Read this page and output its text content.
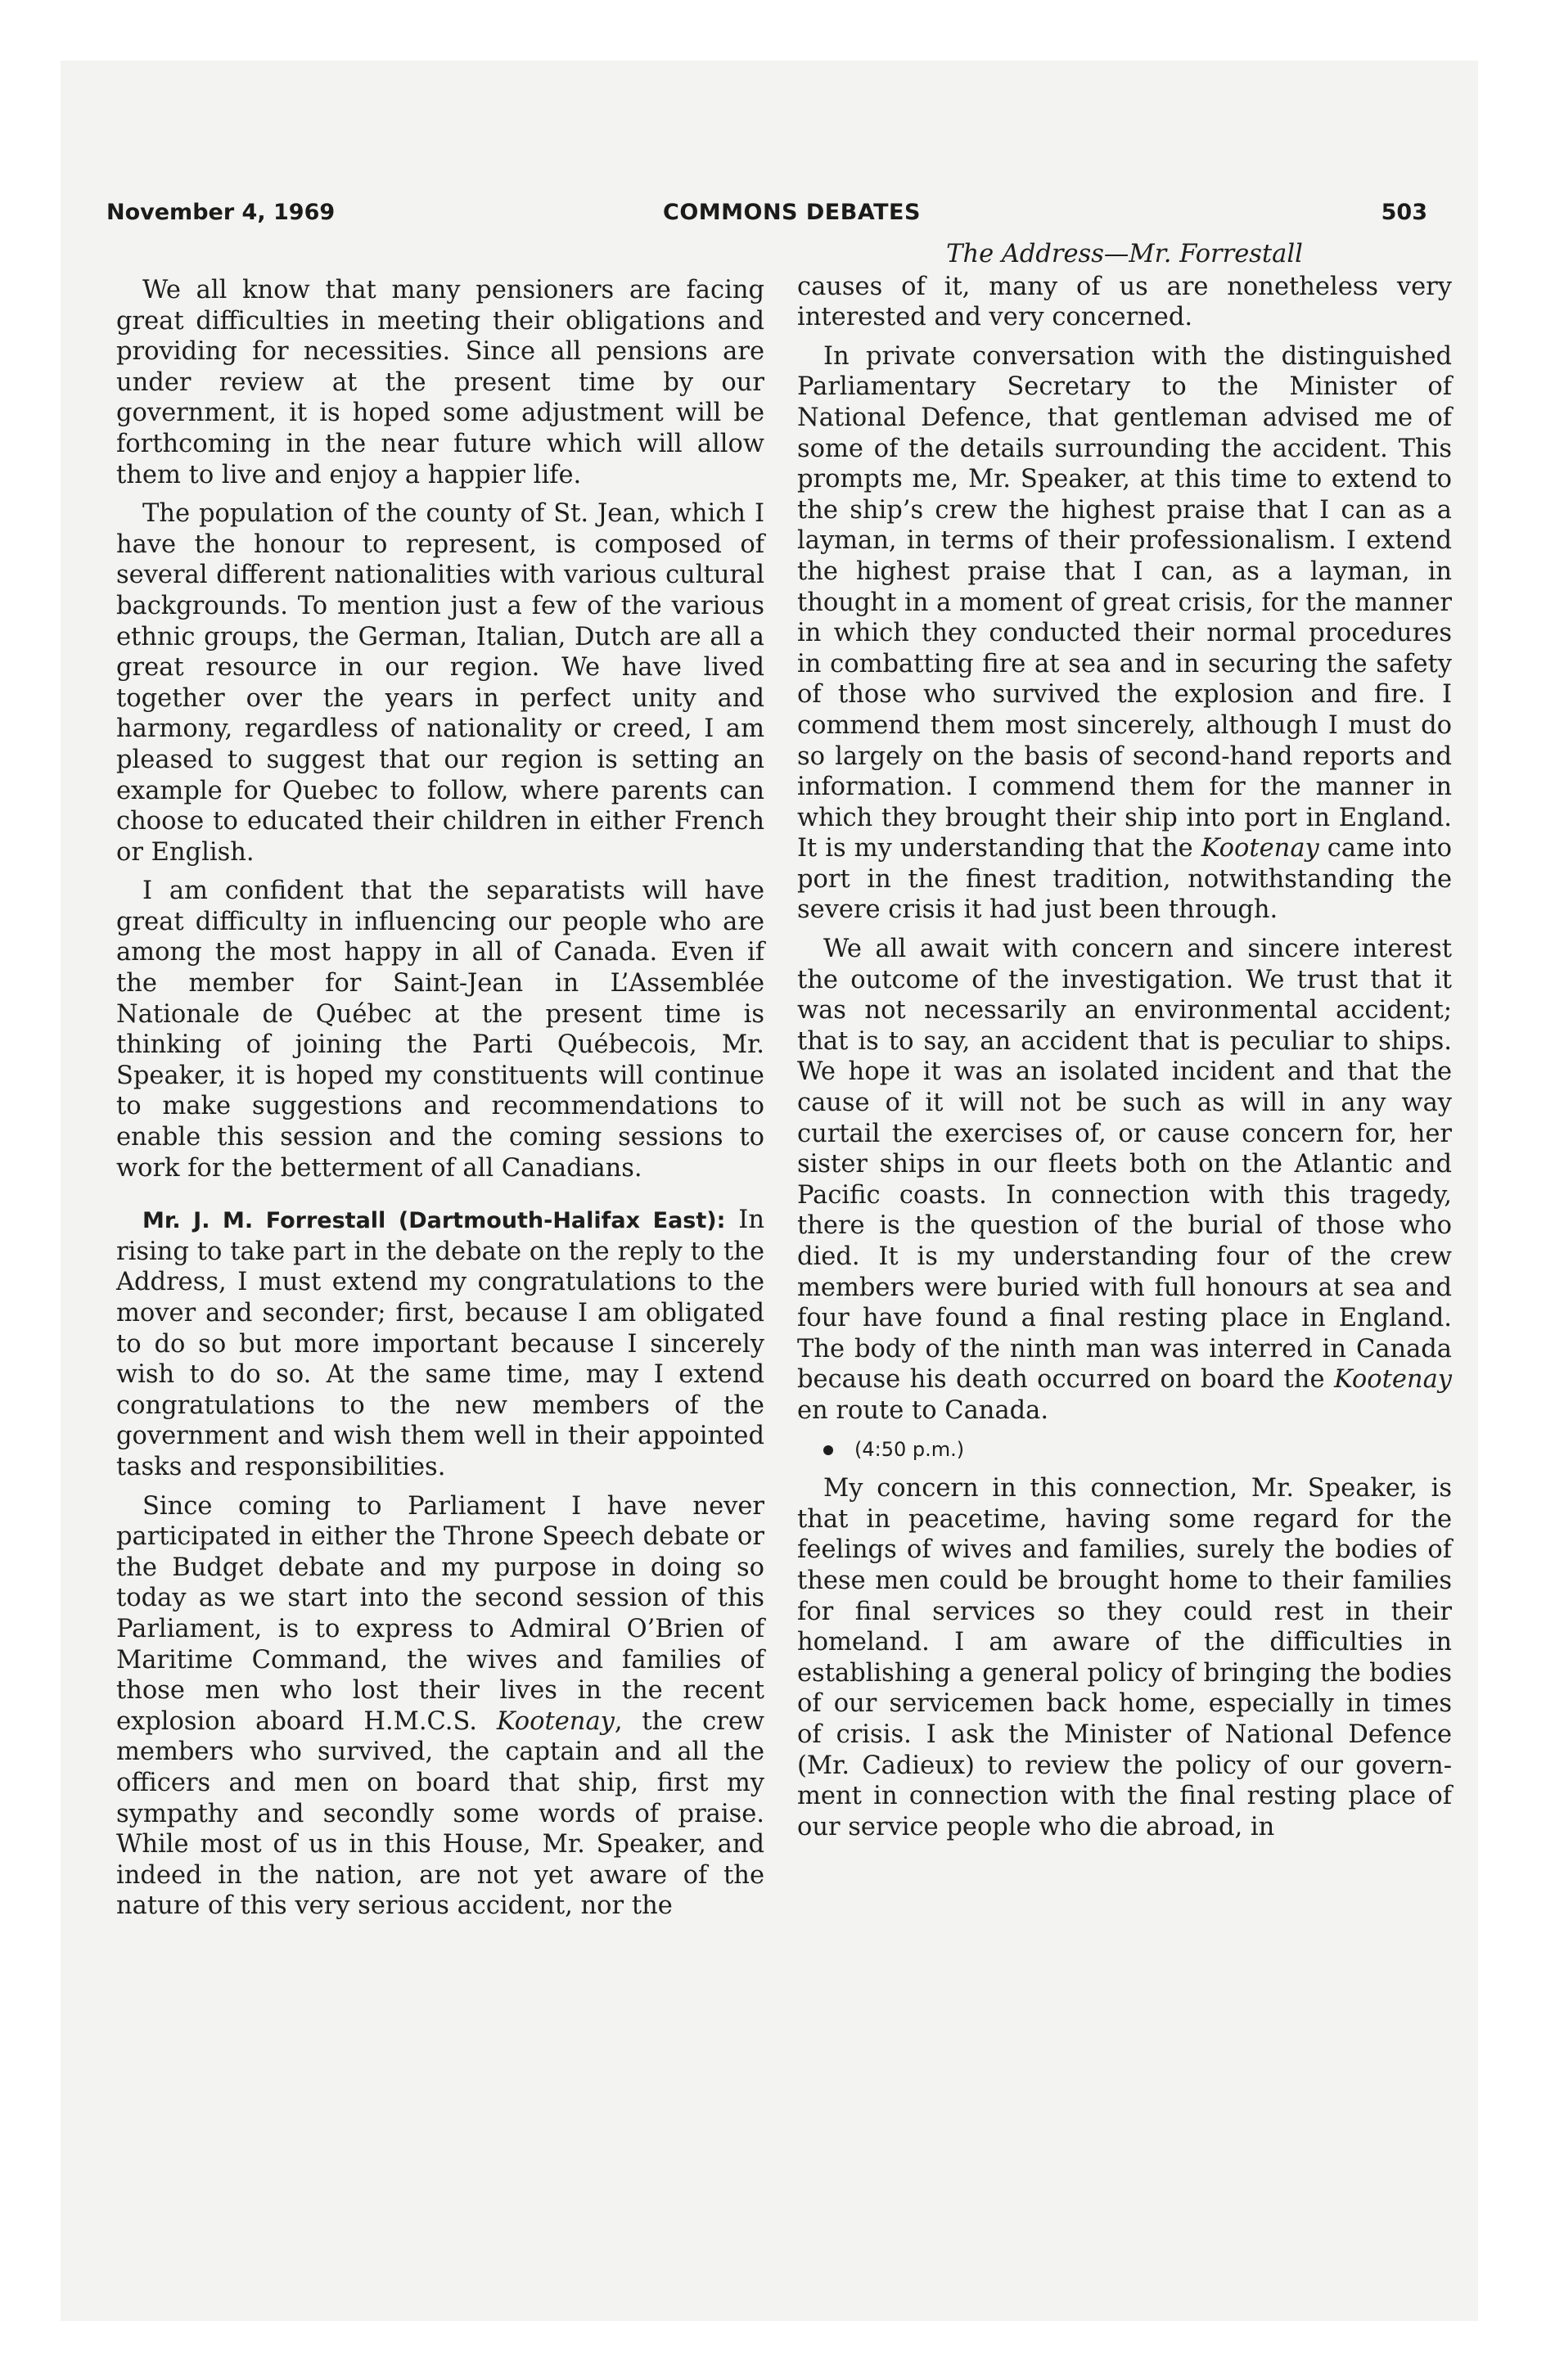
November 4, 1969	COMMONS DEBATES	503

We all know that many pensioners are facing great difficulties in meeting their obligations and providing for necessities. Since all pensions are under review at the present time by our government, it is hoped some adjustment will be forthcoming in the near future which will allow them to live and enjoy a happier life.

The population of the county of St. Jean, which I have the honour to represent, is composed of several different nationalities with various cultural backgrounds. To mention just a few of the various ethnic groups, the German, Italian, Dutch are all a great resource in our region. We have lived together over the years in perfect unity and harmony, regardless of nationality or creed, I am pleased to suggest that our region is setting an example for Quebec to follow, where parents can choose to educated their children in either French or English.

I am confident that the separatists will have great difficulty in influencing our people who are among the most happy in all of Canada. Even if the member for Saint-Jean in L’Assemblée Nationale de Québec at the present time is thinking of joining the Parti Québecois, Mr. Speaker, it is hoped my constituents will continue to make suggestions and recommendations to enable this session and the coming sessions to work for the betterment of all Canadians.

Mr. J. M. Forrestall (Dartmouth-Halifax East): In rising to take part in the debate on the reply to the Address, I must extend my congratulations to the mover and seconder; first, because I am obligated to do so but more important because I sincerely wish to do so. At the same time, may I extend congratulations to the new members of the government and wish them well in their appointed tasks and responsibilities.

Since coming to Parliament I have never participated in either the Throne Speech debate or the Budget debate and my purpose in doing so today as we start into the second session of this Parliament, is to express to Admiral O’Brien of Maritime Command, the wives and families of those men who lost their lives in the recent explosion aboard H.M.C.S. Kootenay, the crew members who survived, the captain and all the officers and men on board that ship, first my sympathy and secondly some words of praise. While most of us in this House, Mr. Speaker, and indeed in the nation, are not yet aware of the nature of this very serious accident, nor the

The Address—Mr. Forrestall

causes of it, many of us are nonetheless very interested and very concerned.

In private conversation with the distinguished Parliamentary Secretary to the Minister of National Defence, that gentleman advised me of some of the details surrounding the accident. This prompts me, Mr. Speaker, at this time to extend to the ship’s crew the highest praise that I can as a layman, in terms of their professionalism. I extend the highest praise that I can, as a layman, in thought in a moment of great crisis, for the manner in which they conducted their normal procedures in combatting fire at sea and in securing the safety of those who survived the explosion and fire. I commend them most sincerely, although I must do so largely on the basis of second-hand reports and information. I commend them for the manner in which they brought their ship into port in England. It is my understanding that the Kootenay came into port in the finest tradition, notwithstanding the severe crisis it had just been through.

We all await with concern and sincere interest the outcome of the investigation. We trust that it was not necessarily an environmental accident; that is to say, an accident that is peculiar to ships. We hope it was an isolated incident and that the cause of it will not be such as will in any way curtail the exercises of, or cause concern for, her sister ships in our fleets both on the Atlantic and Pacific coasts. In connection with this tragedy, there is the question of the burial of those who died. It is my understanding four of the crew members were buried with full honours at sea and four have found a final resting place in England. The body of the ninth man was interred in Canada because his death occurred on board the Kootenay en route to Canada.

(4:50 p.m.)

My concern in this connection, Mr. Speaker, is that in peacetime, having some regard for the feelings of wives and families, surely the bodies of these men could be brought home to their families for final services so they could rest in their homeland. I am aware of the difficulties in establishing a general policy of bringing the bodies of our servicemen back home, especially in times of crisis. I ask the Minister of National Defence (Mr. Cadieux) to review the policy of our government in connection with the final resting place of our service people who die abroad, in
